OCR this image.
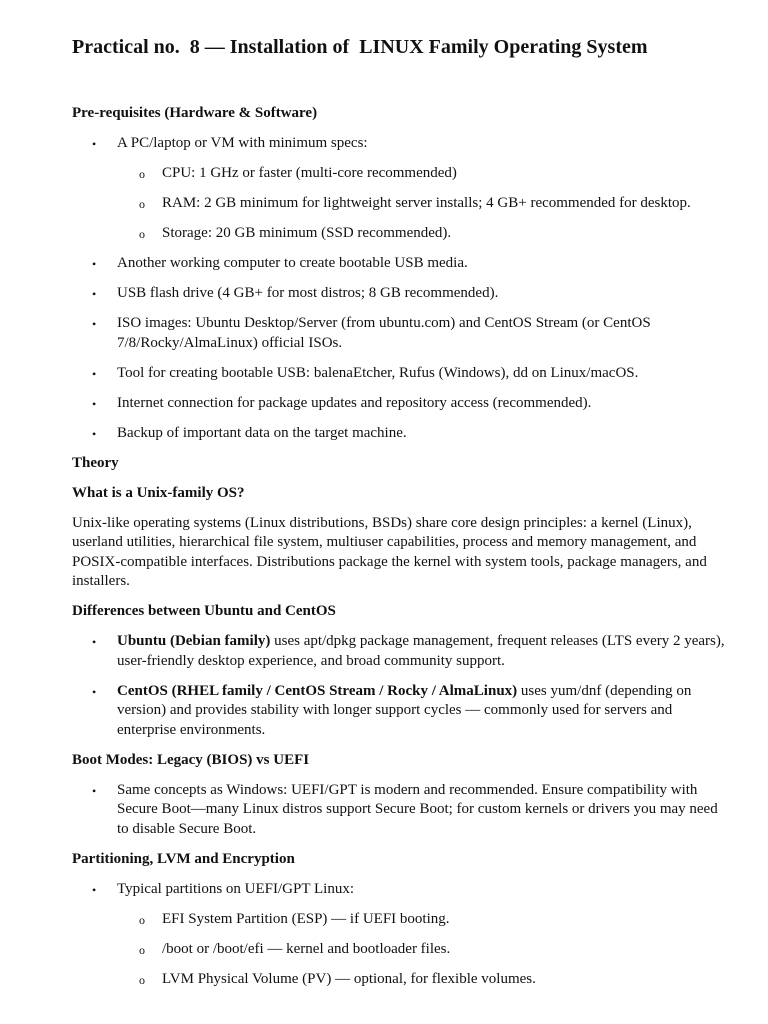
Practical no.  8 — Installation of  LINUX Family Operating System
Pre-requisites (Hardware & Software)
• A PC/laptop or VM with minimum specs:
o CPU: 1 GHz or faster (multi-core recommended)
o RAM: 2 GB minimum for lightweight server installs; 4 GB+ recommended for desktop.
o Storage: 20 GB minimum (SSD recommended).
• Another working computer to create bootable USB media.
• USB flash drive (4 GB+ for most distros; 8 GB recommended).
• ISO images: Ubuntu Desktop/Server (from ubuntu.com) and CentOS Stream (or CentOS 7/8/Rocky/AlmaLinux) official ISOs.
• Tool for creating bootable USB: balenaEtcher, Rufus (Windows), dd on Linux/macOS.
• Internet connection for package updates and repository access (recommended).
• Backup of important data on the target machine.
Theory
What is a Unix-family OS?
Unix-like operating systems (Linux distributions, BSDs) share core design principles: a kernel (Linux), userland utilities, hierarchical file system, multiuser capabilities, process and memory management, and POSIX-compatible interfaces. Distributions package the kernel with system tools, package managers, and installers.
Differences between Ubuntu and CentOS
• Ubuntu (Debian family) uses apt/dpkg package management, frequent releases (LTS every 2 years), user-friendly desktop experience, and broad community support.
• CentOS (RHEL family / CentOS Stream / Rocky / AlmaLinux) uses yum/dnf (depending on version) and provides stability with longer support cycles — commonly used for servers and enterprise environments.
Boot Modes: Legacy (BIOS) vs UEFI
• Same concepts as Windows: UEFI/GPT is modern and recommended. Ensure compatibility with Secure Boot—many Linux distros support Secure Boot; for custom kernels or drivers you may need to disable Secure Boot.
Partitioning, LVM and Encryption
• Typical partitions on UEFI/GPT Linux:
o EFI System Partition (ESP) — if UEFI booting.
o /boot or /boot/efi — kernel and bootloader files.
o LVM Physical Volume (PV) — optional, for flexible volumes.
